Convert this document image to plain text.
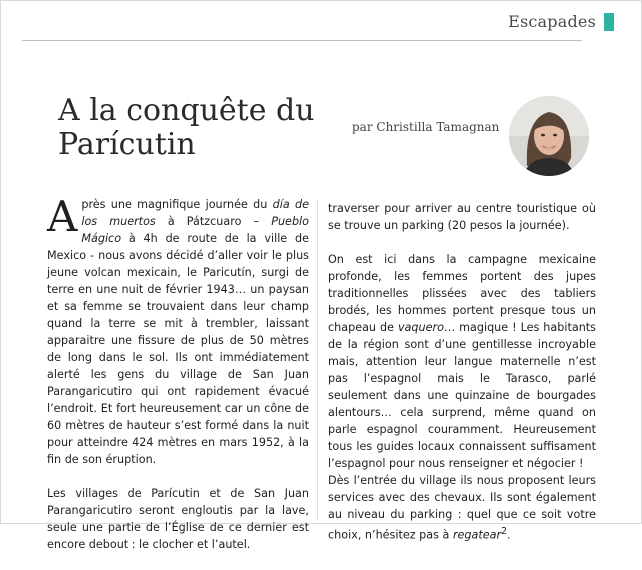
Escapades
A la conquête du Parícutin
par Christilla Tamagnan

Après une magnifique journée du día de los muertos à Pátzcuaro – Pueblo Mágico à 4h de route de la ville de Mexico - nous avons décidé d’aller voir le plus jeune volcan mexicain, le Paricutín, surgi de terre en une nuit de février 1943… un paysan et sa femme se trouvaient dans leur champ quand la terre se mit à trembler, laissant apparaitre une fissure de plus de 50 mètres de long dans le sol. Ils ont immédiatement alerté les gens du village de San Juan Parangaricutiro qui ont rapidement évacué l’endroit. Et fort heureusement car un cône de 60 mètres de hauteur s’est formé dans la nuit pour atteindre 424 mètres en mars 1952, à la fin de son éruption.

Les villages de Parícutin et de San Juan Parangaricutiro seront engloutis par la lave, seule une partie de l’Église de ce dernier est encore debout : le clocher et l’autel.

traverser pour arriver au centre touristique où se trouve un parking (20 pesos la journée).

On est ici dans la campagne mexicaine profonde, les femmes portent des jupes traditionnelles plissées avec des tabliers brodés, les hommes portent presque tous un chapeau de vaquero… magique ! Les habitants de la région sont d’une gentillesse incroyable mais, attention leur langue maternelle n’est pas l’espagnol mais le Tarasco, parlé seulement dans une quinzaine de bourgades alentours… cela surprend, même quand on parle espagnol couramment. Heureusement tous les guides locaux connaissent suffisament l’espagnol pour nous renseigner et négocier !

Dès l’entrée du village ils nous proposent leurs services avec des chevaux. Ils sont également au niveau du parking : quel que ce soit votre choix, n’hésitez pas à regatear$^2$.
